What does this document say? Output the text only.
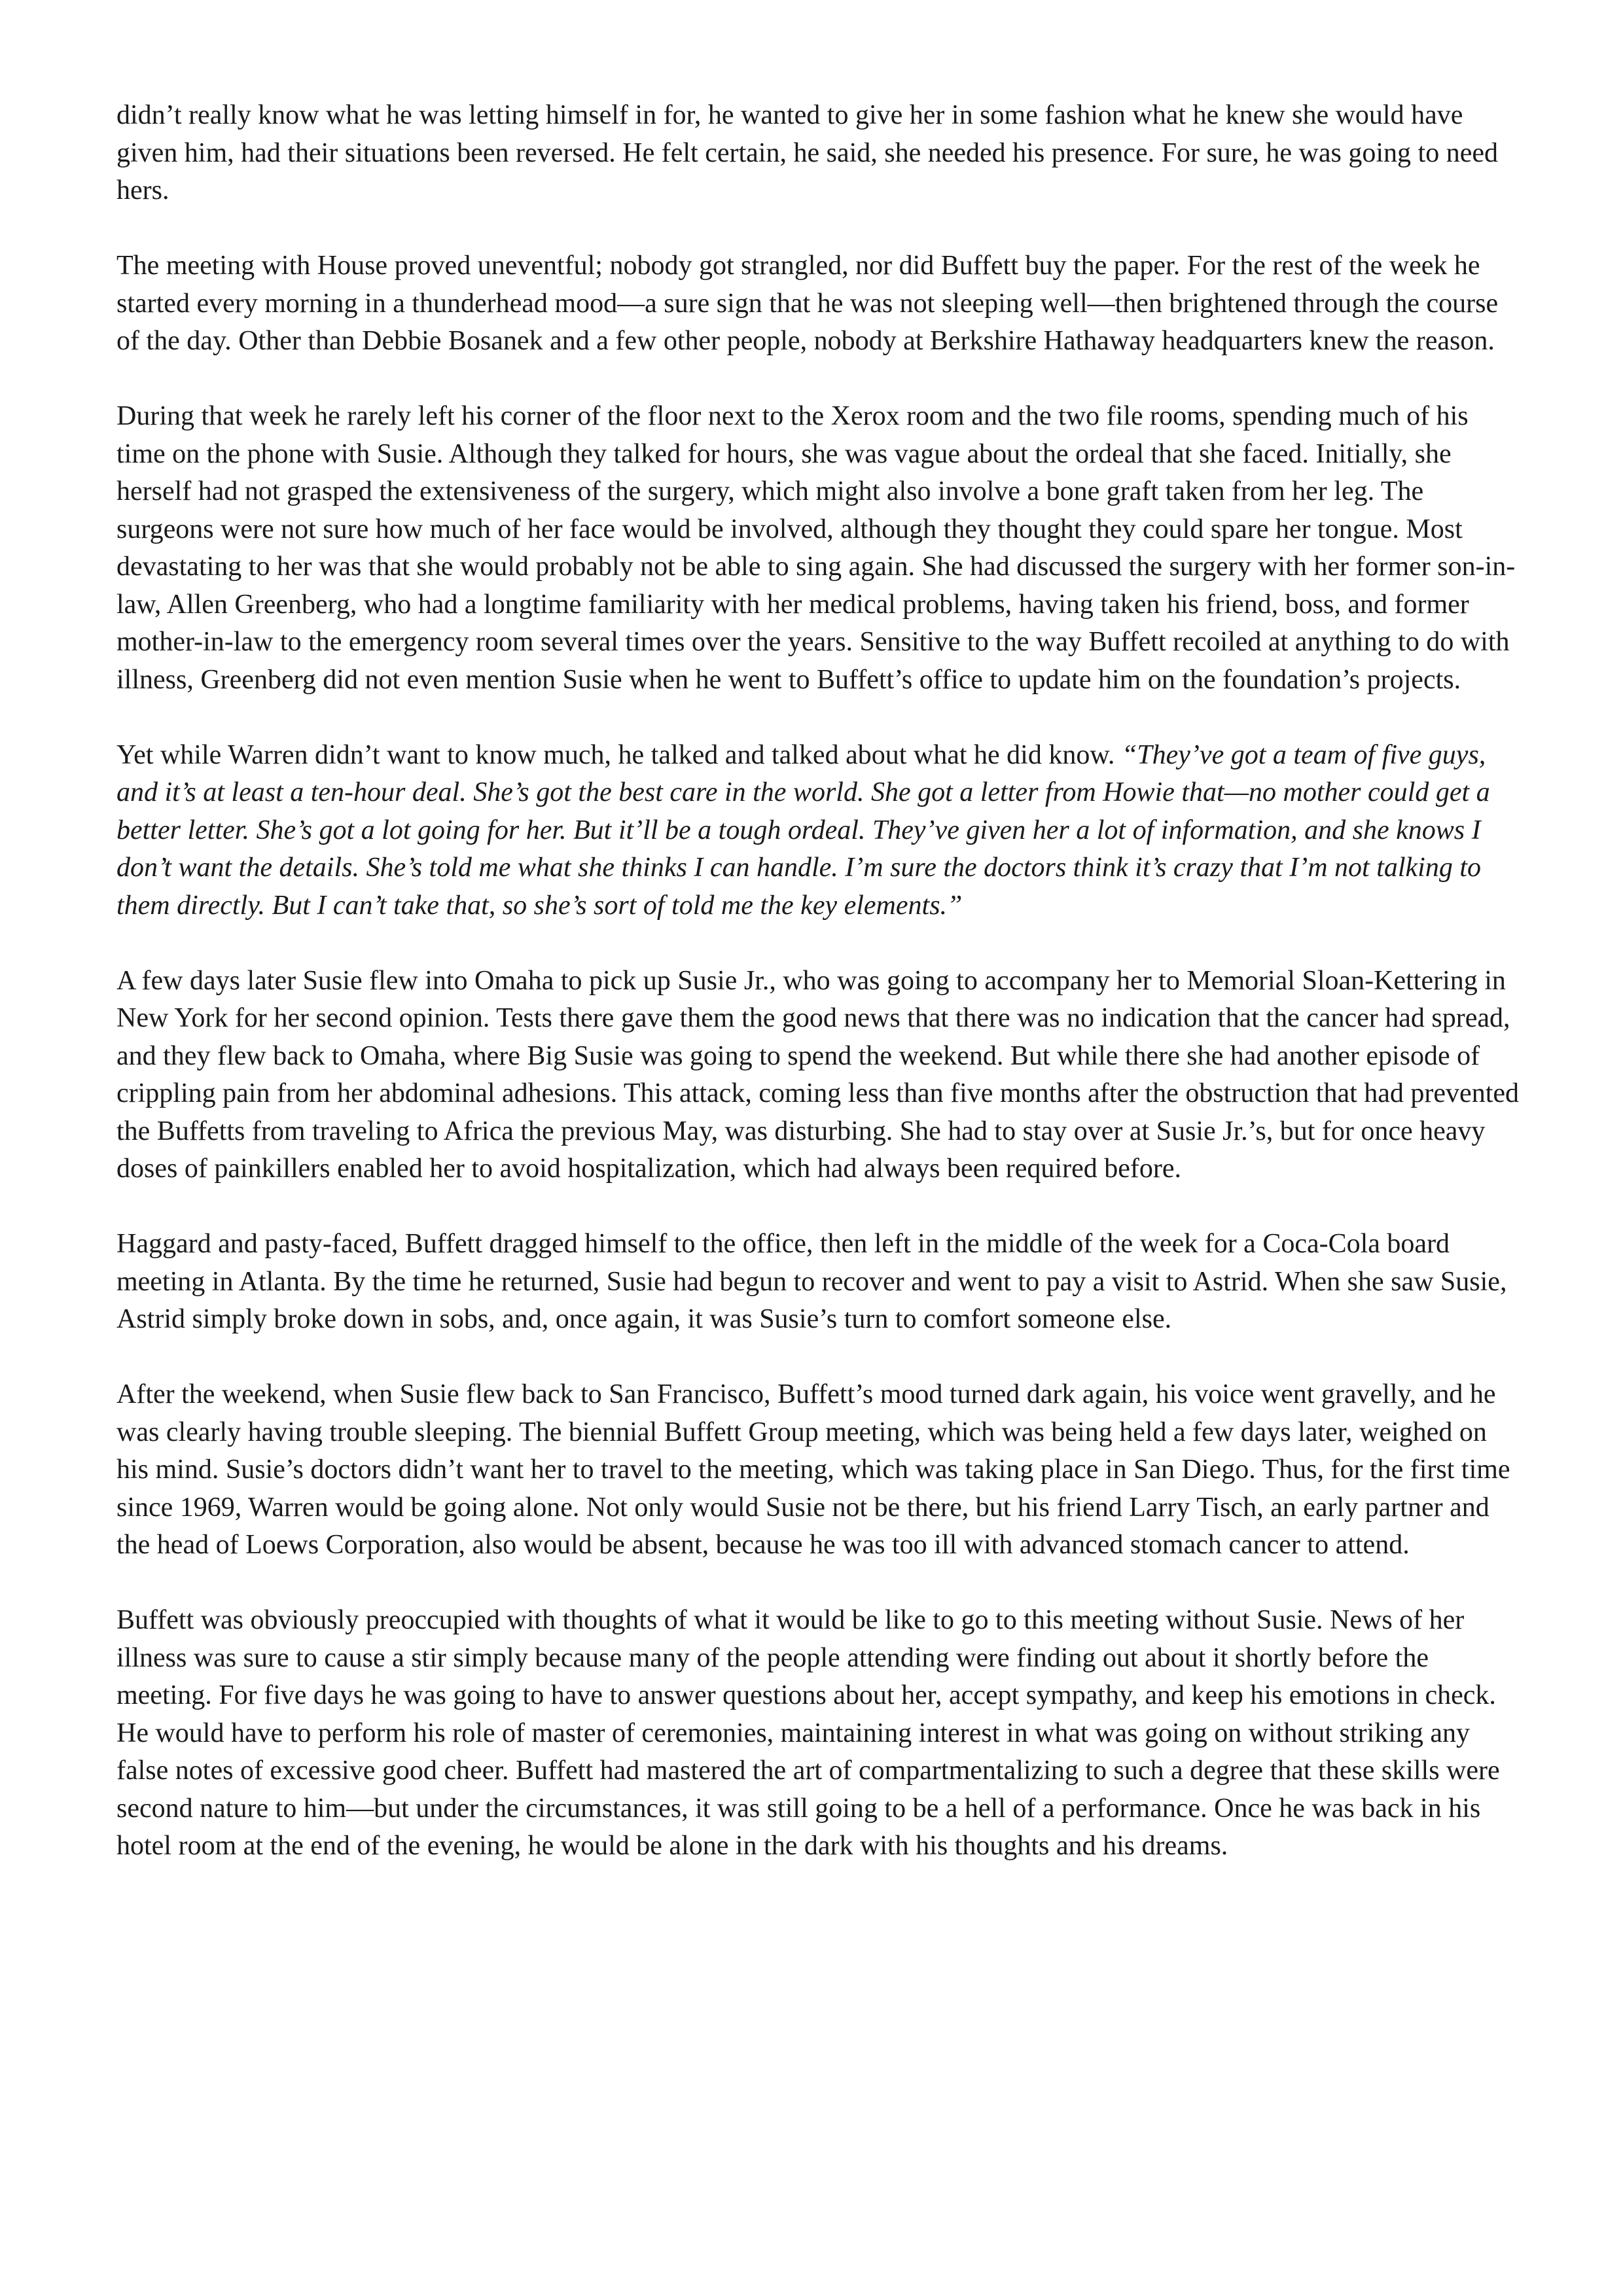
didn’t really know what he was letting himself in for, he wanted to give her in some fashion what he knew she would have given him, had their situations been reversed. He felt certain, he said, she needed his presence. For sure, he was going to need hers.

The meeting with House proved uneventful; nobody got strangled, nor did Buffett buy the paper. For the rest of the week he started every morning in a thunderhead mood—a sure sign that he was not sleeping well—then brightened through the course of the day. Other than Debbie Bosanek and a few other people, nobody at Berkshire Hathaway headquarters knew the reason.

During that week he rarely left his corner of the floor next to the Xerox room and the two file rooms, spending much of his time on the phone with Susie. Although they talked for hours, she was vague about the ordeal that she faced. Initially, she herself had not grasped the extensiveness of the surgery, which might also involve a bone graft taken from her leg. The surgeons were not sure how much of her face would be involved, although they thought they could spare her tongue. Most devastating to her was that she would probably not be able to sing again. She had discussed the surgery with her former son-in-law, Allen Greenberg, who had a longtime familiarity with her medical problems, having taken his friend, boss, and former mother-in-law to the emergency room several times over the years. Sensitive to the way Buffett recoiled at anything to do with illness, Greenberg did not even mention Susie when he went to Buffett’s office to update him on the foundation’s projects.

Yet while Warren didn’t want to know much, he talked and talked about what he did know. “They’ve got a team of five guys, and it’s at least a ten-hour deal. She’s got the best care in the world. She got a letter from Howie that—no mother could get a better letter. She’s got a lot going for her. But it’ll be a tough ordeal. They’ve given her a lot of information, and she knows I don’t want the details. She’s told me what she thinks I can handle. I’m sure the doctors think it’s crazy that I’m not talking to them directly. But I can’t take that, so she’s sort of told me the key elements.”

A few days later Susie flew into Omaha to pick up Susie Jr., who was going to accompany her to Memorial Sloan-Kettering in New York for her second opinion. Tests there gave them the good news that there was no indication that the cancer had spread, and they flew back to Omaha, where Big Susie was going to spend the weekend. But while there she had another episode of crippling pain from her abdominal adhesions. This attack, coming less than five months after the obstruction that had prevented the Buffetts from traveling to Africa the previous May, was disturbing. She had to stay over at Susie Jr.’s, but for once heavy doses of painkillers enabled her to avoid hospitalization, which had always been required before.

Haggard and pasty-faced, Buffett dragged himself to the office, then left in the middle of the week for a Coca-Cola board meeting in Atlanta. By the time he returned, Susie had begun to recover and went to pay a visit to Astrid. When she saw Susie, Astrid simply broke down in sobs, and, once again, it was Susie’s turn to comfort someone else.

After the weekend, when Susie flew back to San Francisco, Buffett’s mood turned dark again, his voice went gravelly, and he was clearly having trouble sleeping. The biennial Buffett Group meeting, which was being held a few days later, weighed on his mind. Susie’s doctors didn’t want her to travel to the meeting, which was taking place in San Diego. Thus, for the first time since 1969, Warren would be going alone. Not only would Susie not be there, but his friend Larry Tisch, an early partner and the head of Loews Corporation, also would be absent, because he was too ill with advanced stomach cancer to attend.

Buffett was obviously preoccupied with thoughts of what it would be like to go to this meeting without Susie. News of her illness was sure to cause a stir simply because many of the people attending were finding out about it shortly before the meeting. For five days he was going to have to answer questions about her, accept sympathy, and keep his emotions in check. He would have to perform his role of master of ceremonies, maintaining interest in what was going on without striking any false notes of excessive good cheer. Buffett had mastered the art of compartmentalizing to such a degree that these skills were second nature to him—but under the circumstances, it was still going to be a hell of a performance. Once he was back in his hotel room at the end of the evening, he would be alone in the dark with his thoughts and his dreams.
